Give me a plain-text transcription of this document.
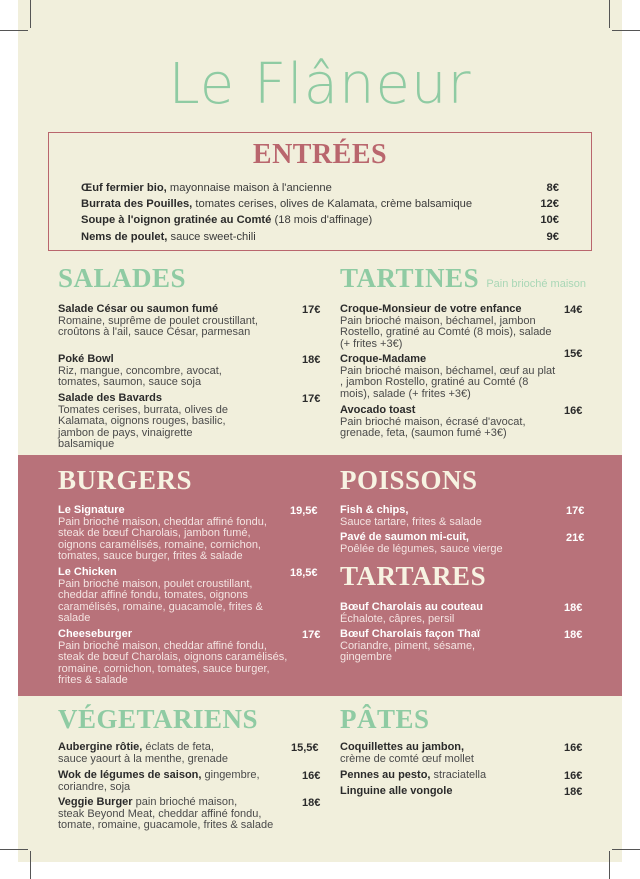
Le Flâneur
ENTRÉES
Œuf fermier bio, mayonnaise maison à l'ancienne	8€
Burrata des Pouilles, tomates cerises, olives de Kalamata, crème balsamique	12€
Soupe à l'oignon gratinée au Comté (18 mois d'affinage)	10€
Nems de poulet, sauce sweet-chili	9€
SALADES
Salade César ou saumon fumé
Romaine, suprême de poulet croustillant, croûtons à l'ail, sauce César, parmesan
17€
Poké Bowl
Riz, mangue, concombre, avocat, tomates, saumon, sauce soja
18€
Salade des Bavards
Tomates cerises, burrata, olives de Kalamata, oignons rouges, basilic, jambon de pays, vinaigrette balsamique
17€
TARTINES Pain brioché maison
Croque-Monsieur de votre enfance
Pain brioché maison, béchamel, jambon Rostello, gratiné au Comté (8 mois), salade (+ frites +3€)
14€
Croque-Madame
Pain brioché maison, béchamel, œuf au plat , jambon Rostello, gratiné au Comté (8 mois), salade (+ frites +3€)
15€
Avocado toast
Pain brioché maison, écrasé d'avocat, grenade, feta, (saumon fumé +3€)
16€
BURGERS
Le Signature
Pain brioché maison, cheddar affiné fondu, steak de bœuf Charolais, jambon fumé, oignons caramélisés, romaine, cornichon, tomates, sauce burger, frites & salade
19,5€
Le Chicken
Pain brioché maison, poulet croustillant, cheddar affiné fondu, tomates, oignons caramélisés, romaine, guacamole, frites & salade
18,5€
Cheeseburger
Pain brioché maison, cheddar affiné fondu, steak de bœuf Charolais, oignons caramélisés, romaine, cornichon, tomates, sauce burger, frites & salade
17€
POISSONS
Fish & chips,
Sauce tartare, frites & salade
17€
Pavé de saumon mi-cuit,
Poêlée de légumes, sauce vierge
21€
TARTARES
Bœuf Charolais au couteau
Échalote, câpres, persil
18€
Bœuf Charolais façon Thaï
Coriandre, piment, sésame, gingembre
18€
VÉGETARIENS
Aubergine rôtie, éclats de feta,
sauce yaourt à la menthe, grenade
15,5€
Wok de légumes de saison, gingembre,
coriandre, soja
16€
Veggie Burger pain brioché maison,
steak Beyond Meat, cheddar affiné fondu, tomate, romaine, guacamole, frites & salade
18€
PÂTES
Coquillettes au jambon,
crème de comté œuf mollet
16€
Pennes au pesto, straciatella	16€
Linguine alle vongole	18€
